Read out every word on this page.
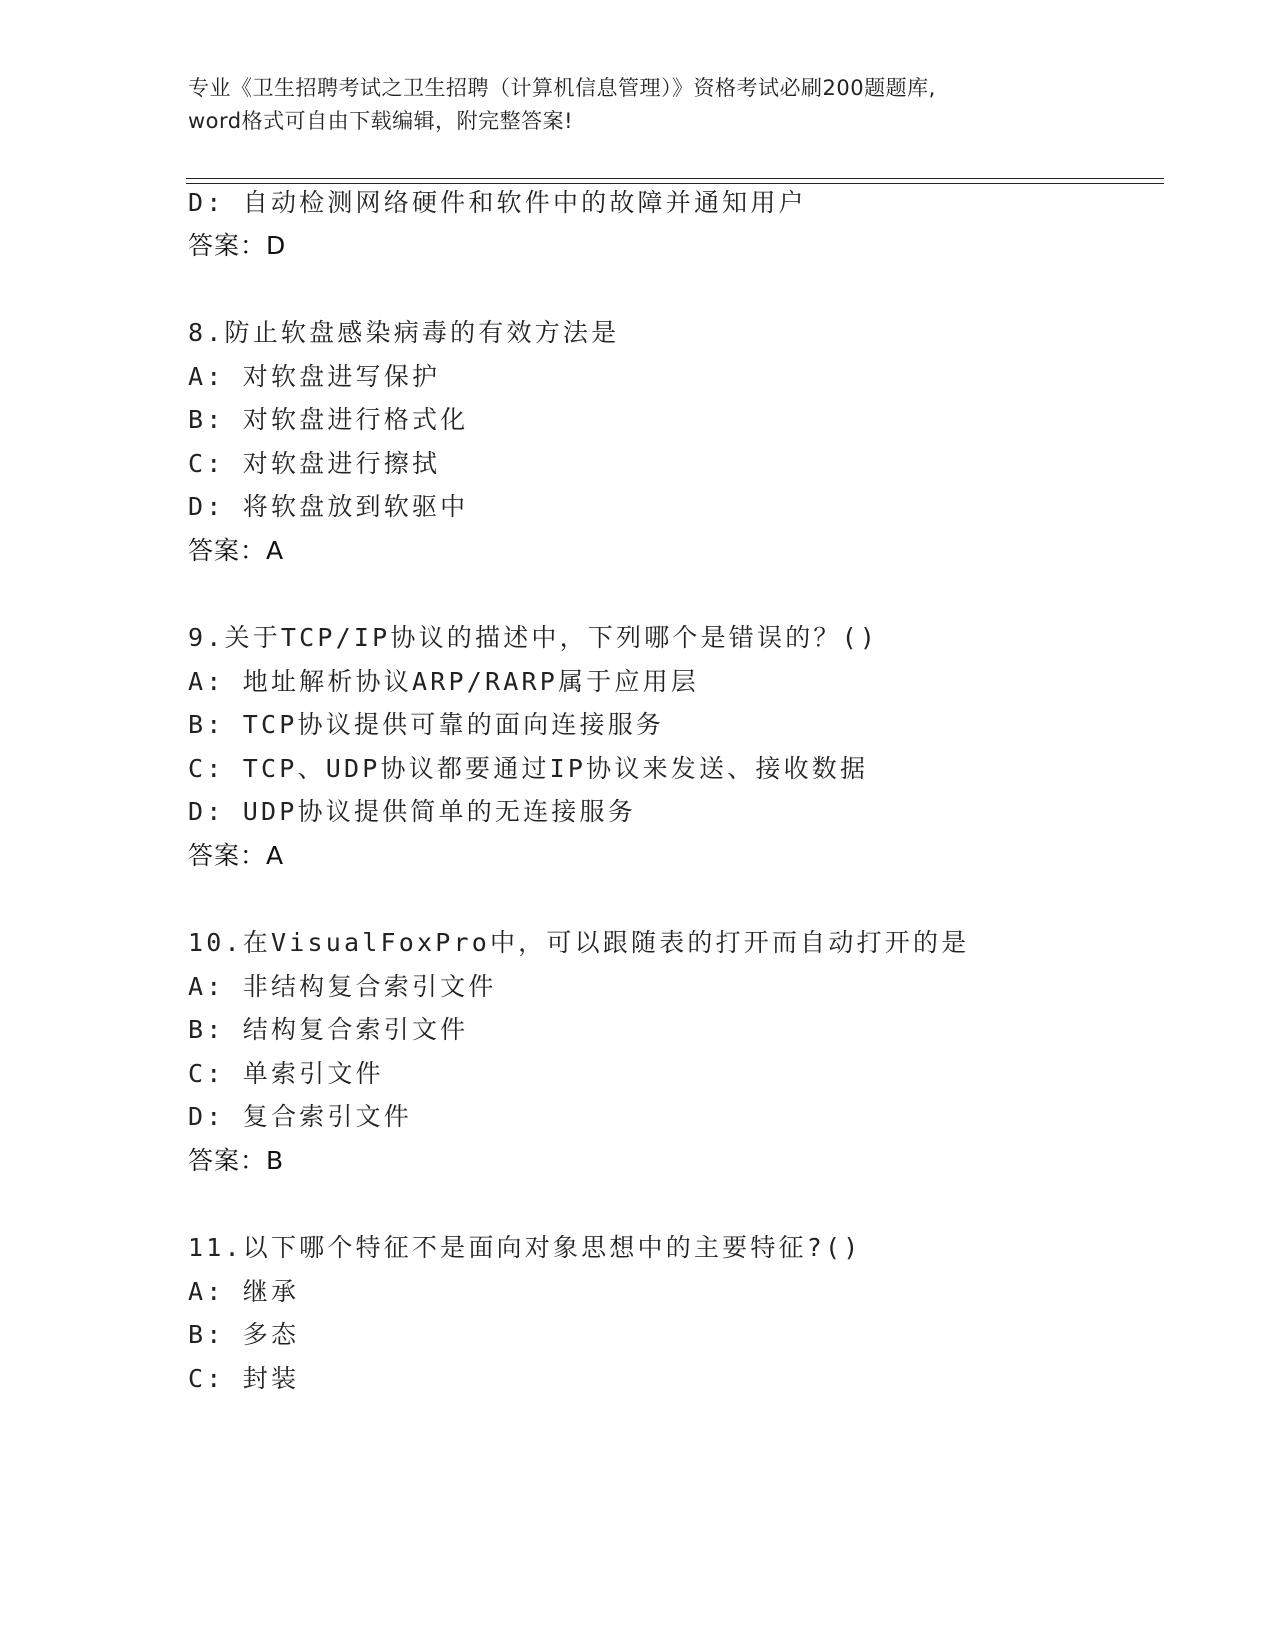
专业《卫生招聘考试之卫生招聘（计算机信息管理）》资格考试必刷200题题库,
word格式可自由下载编辑，附完整答案!
D: 自动检测网络硬件和软件中的故障并通知用户
答案：D
8.防止软盘感染病毒的有效方法是
A: 对软盘进写保护
B: 对软盘进行格式化
C: 对软盘进行擦拭
D: 将软盘放到软驱中
答案：A
9.关于TCP/IP协议的描述中，下列哪个是错误的？()
A: 地址解析协议ARP/RARP属于应用层
B: TCP协议提供可靠的面向连接服务
C: TCP、UDP协议都要通过IP协议来发送、接收数据
D: UDP协议提供简单的无连接服务
答案：A
10.在VisualFoxPro中，可以跟随表的打开而自动打开的是
A: 非结构复合索引文件
B: 结构复合索引文件
C: 单索引文件
D: 复合索引文件
答案：B
11.以下哪个特征不是面向对象思想中的主要特征?()
A: 继承
B: 多态
C: 封装
